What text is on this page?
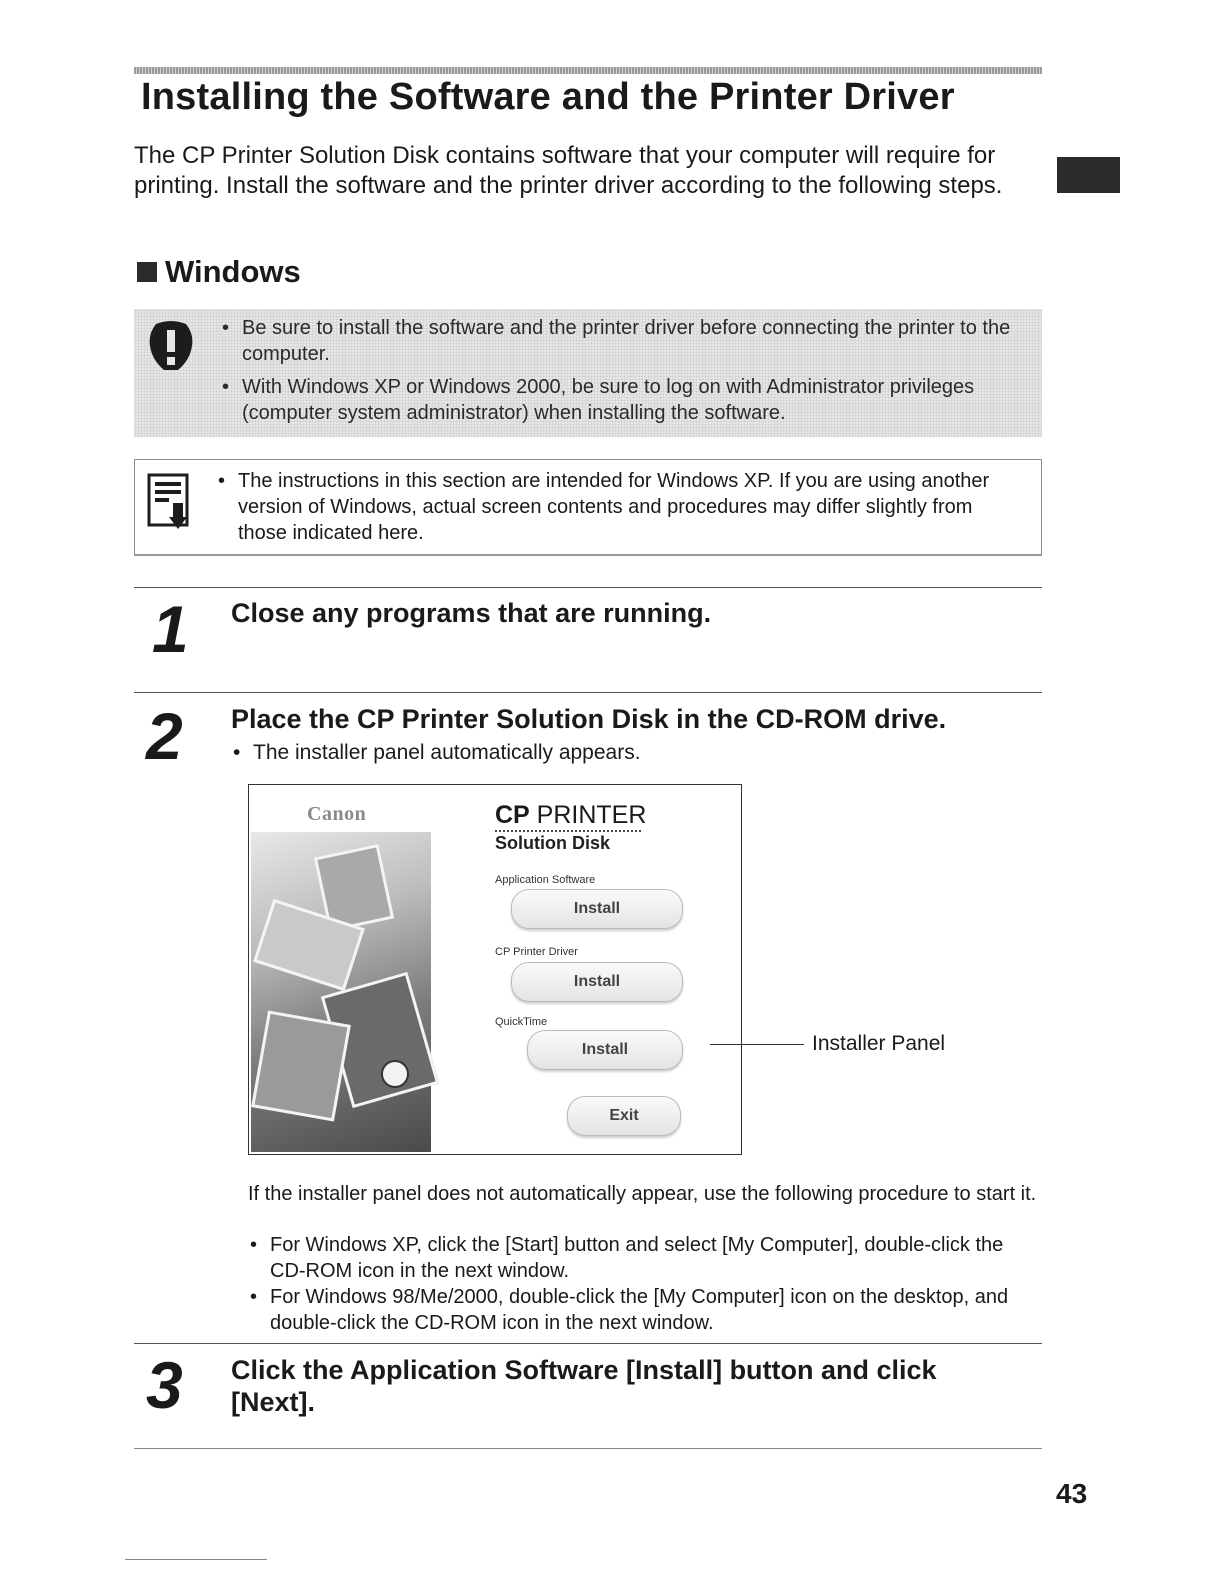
Installing the Software and the Printer Driver
The CP Printer Solution Disk contains software that your computer will require for printing. Install the software and the printer driver according to the following steps.
Windows
• Be sure to install the software and the printer driver before connecting the printer to the computer.
• With Windows XP or Windows 2000, be sure to log on with Administrator privileges (computer system administrator) when installing the software.
• The instructions in this section are intended for Windows XP. If you are using another version of Windows, actual screen contents and procedures may differ slightly from those indicated here.
1 Close any programs that are running.
2 Place the CP Printer Solution Disk in the CD-ROM drive.
• The installer panel automatically appears.
Canon	CP PRINTER
Solution Disk
Application Software
Install
CP Printer Driver
Install
QuickTime
Install
Exit
Installer Panel
If the installer panel does not automatically appear, use the following procedure to start it.
• For Windows XP, click the [Start] button and select [My Computer], double-click the CD-ROM icon in the next window.
• For Windows 98/Me/2000, double-click the [My Computer] icon on the desktop, and double-click the CD-ROM icon in the next window.
3 Click the Application Software [Install] button and click [Next].
43
